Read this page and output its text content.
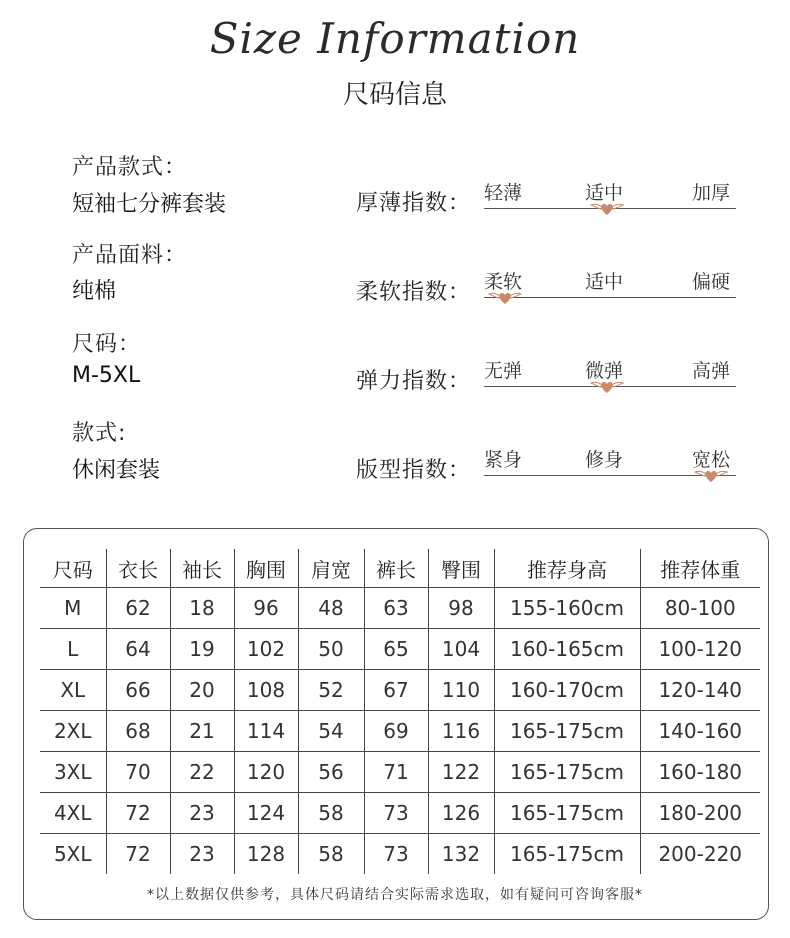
Size Information
尺码信息
产品款式：
短袖七分裤套装
产品面料：
纯棉
尺码：
M-5XL
款式:
休闲套装
厚薄指数： 轻薄	适中	加厚
柔软指数： 柔软	适中	偏硬
弹力指数： 无弹	微弹	高弹
版型指数： 紧身	修身	宽松
尺码	衣长	袖长	胸围	肩宽	裤长	臀围	推荐身高	推荐体重
M	62	18	96	48	63	98	155-160cm	80-100
L	64	19	102	50	65	104	160-165cm	100-120
XL	66	20	108	52	67	110	160-170cm	120-140
2XL	68	21	114	54	69	116	165-175cm	140-160
3XL	70	22	120	56	71	122	165-175cm	160-180
4XL	72	23	124	58	73	126	165-175cm	180-200
5XL	72	23	128	58	73	132	165-175cm	200-220
*以上数据仅供参考，具体尺码请结合实际需求选取，如有疑问可咨询客服*
